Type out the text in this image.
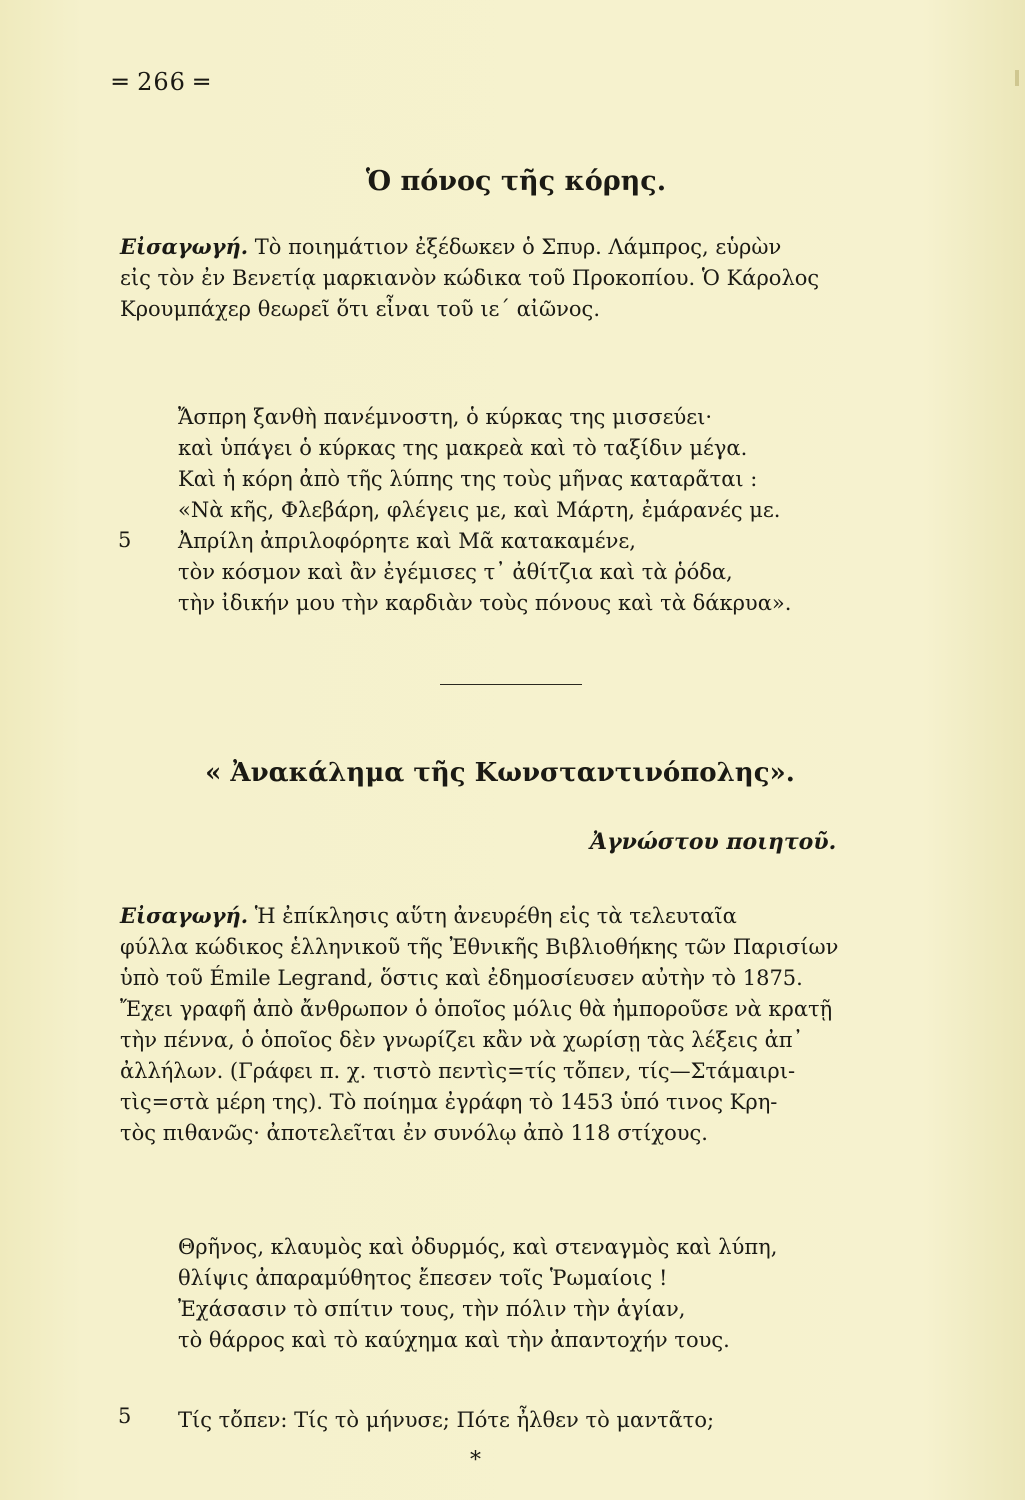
═ 266 ═
Ὁ πόνος τῆς κόρης.
Εἰσαγωγή. Τὸ ποιημάτιον ἐξέδωκεν ὁ Σπυρ. Λάμπρος, εὑρὼν
εἰς τὸν ἐν Βενετίᾳ μαρκιανὸν κώδικα τοῦ Προκοπίου. Ὁ Κάρολος
Κρουμπάχερ θεωρεῖ ὅτι εἶναι τοῦ ιε΄ αἰῶνος.
Ἄσπρη ξανθὴ πανέμνοστη, ὁ κύρκας της μισσεύει·
καὶ ὑπάγει ὁ κύρκας της μακρεὰ καὶ τὸ ταξίδιν μέγα.
Καὶ ἡ κόρη ἀπὸ τῆς λύπης της τοὺς μῆνας καταρᾶται :
«Νὰ κῆς, Φλεβάρη, φλέγεις με, καὶ Μάρτη, ἐμάρανές με.
Ἀπρίλη ἀπριλοφόρητε καὶ Μᾶ κατακαμένε,
τὸν κόσμον καὶ ἂν ἐγέμισες τ᾽ ἀθίτζια καὶ τὰ ῥόδα,
τὴν ἰδικήν μου τὴν καρδιὰν τοὺς πόνους καὶ τὰ δάκρυα».
5
« Ἀνακάλημα τῆς Κωνσταντινόπολης».
Ἀγνώστου ποιητοῦ.
Εἰσαγωγή. Ἡ ἐπίκλησις αὕτη ἀνευρέθη εἰς τὰ τελευταῖα
φύλλα κώδικος ἑλληνικοῦ τῆς Ἐθνικῆς Βιβλιοθήκης τῶν Παρισίων
ὑπὸ τοῦ Émile Legrand, ὅστις καὶ ἐδημοσίευσεν αὐτὴν τὸ 1875.
Ἔχει γραφῆ ἀπὸ ἄνθρωπον ὁ ὁποῖος μόλις θὰ ἠμποροῦσε νὰ κρατῇ
τὴν πέννα, ὁ ὁποῖος δὲν γνωρίζει κἂν νὰ χωρίσῃ τὰς λέξεις ἀπ᾽
ἀλλήλων. (Γράφει π. χ. τιστὸ πεντὶς=τίς τὄπεν, τίς—Στάμαιρι-
τὶς=στὰ μέρη της). Τὸ ποίημα ἐγράφη τὸ 1453 ὑπό τινος Κρη-
τὸς πιθανῶς· ἀποτελεῖται ἐν συνόλῳ ἀπὸ 118 στίχους.
Θρῆνος, κλαυμὸς καὶ ὀδυρμός, καὶ στεναγμὸς καὶ λύπη,
θλίψις ἀπαραμύθητος ἔπεσεν τοῖς Ῥωμαίοις !
Ἐχάσασιν τὸ σπίτιν τους, τὴν πόλιν τὴν ἁγίαν,
τὸ θάρρος καὶ τὸ καύχημα καὶ τὴν ἀπαντοχήν τους.
Τίς τὄπεν: Τίς τὸ μήνυσε; Πότε ἦλθεν τὸ μαντᾶτο;
5
*
